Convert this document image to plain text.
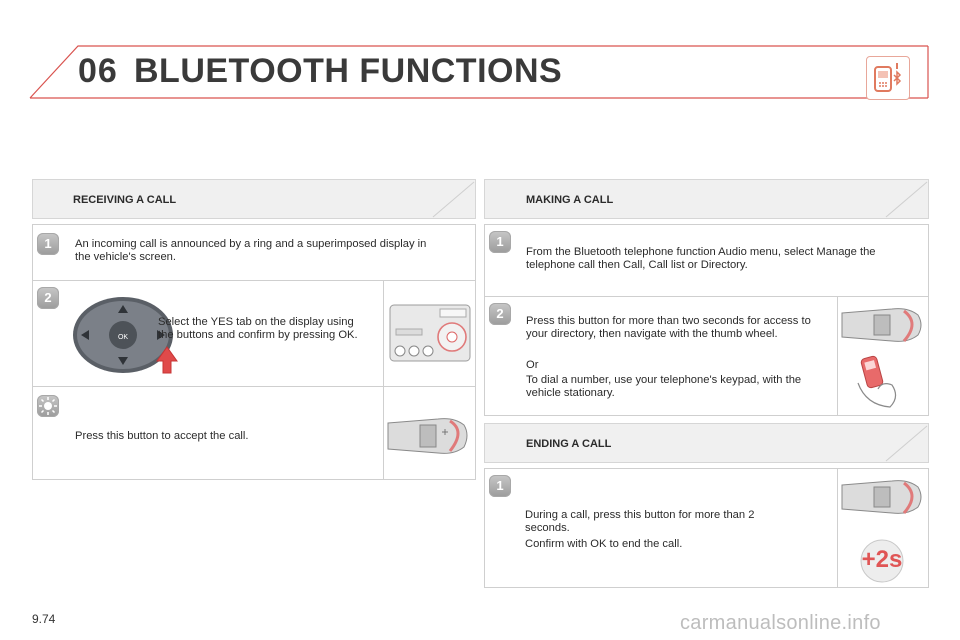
06 BLUETOOTH FUNCTIONS
RECEIVING A CALL
1	An incoming call is announced by a ring and a superimposed display in the vehicle's screen.
2
OK
Select the YES tab on the display using the buttons and confirm by pressing OK.
Press this button to accept the call.
MAKING A CALL
1
From the Bluetooth telephone function Audio menu, select Manage the telephone call then Call, Call list or Directory.
2	Press this button for more than two seconds for access to your directory, then navigate with the thumb wheel.
Or
To dial a number, use your telephone's keypad, with the vehicle stationary.
ENDING A CALL
1
During a call, press this button for more than 2 seconds.
Confirm with OK to end the call.
+2s
9.74	carmanualsonline.info
